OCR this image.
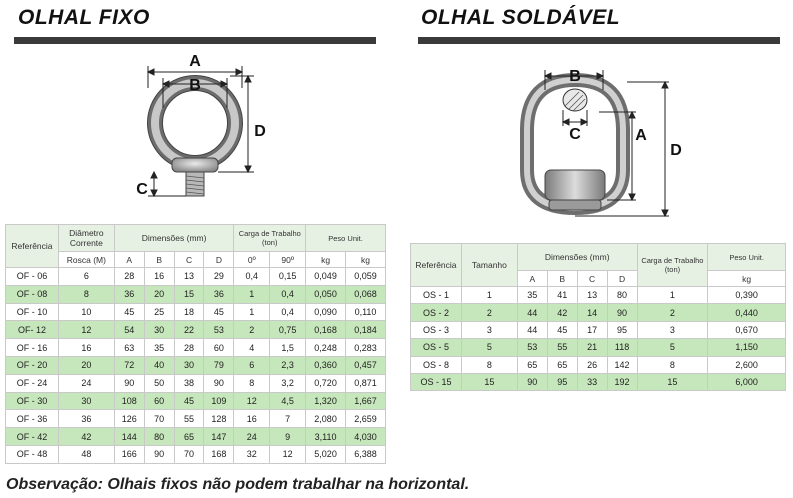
OLHAL FIXO
A
B
C
D
Referência	Diâmetro Corrente	Dimensões (mm)				Carga de Trabalho (ton)		Peso Unit.	
	Rosca (M)	A	B	C	D	0º	90º	kg	kg
OF - 06	6	28	16	13	29	0,4	0,15	0,049	0,059
OF - 08	8	36	20	15	36	1	0,4	0,050	0,068
OF - 10	10	45	25	18	45	1	0,4	0,090	0,110
OF- 12	12	54	30	22	53	2	0,75	0,168	0,184
OF - 16	16	63	35	28	60	4	1,5	0,248	0,283
OF - 20	20	72	40	30	79	6	2,3	0,360	0,457
OF - 24	24	90	50	38	90	8	3,2	0,720	0,871
OF - 30	30	108	60	45	109	12	4,5	1,320	1,667
OF - 36	36	126	70	55	128	16	7	2,080	2,659
OF - 42	42	144	80	65	147	24	9	3,110	4,030
OF - 48	48	166	90	70	168	32	12	5,020	6,388
OLHAL SOLDÁVEL
B
C	A
D
Referência	Tamanho	Dimensões (mm)				Carga de Trabalho (ton)	Peso Unit.
		A	B	C	D		kg
OS - 1	1	35	41	13	80	1	0,390
OS - 2	2	44	42	14	90	2	0,440
OS - 3	3	44	45	17	95	3	0,670
OS - 5	5	53	55	21	118	5	1,150
OS - 8	8	65	65	26	142	8	2,600
OS - 15	15	90	95	33	192	15	6,000
Observação: Olhais fixos não podem trabalhar na horizontal.
